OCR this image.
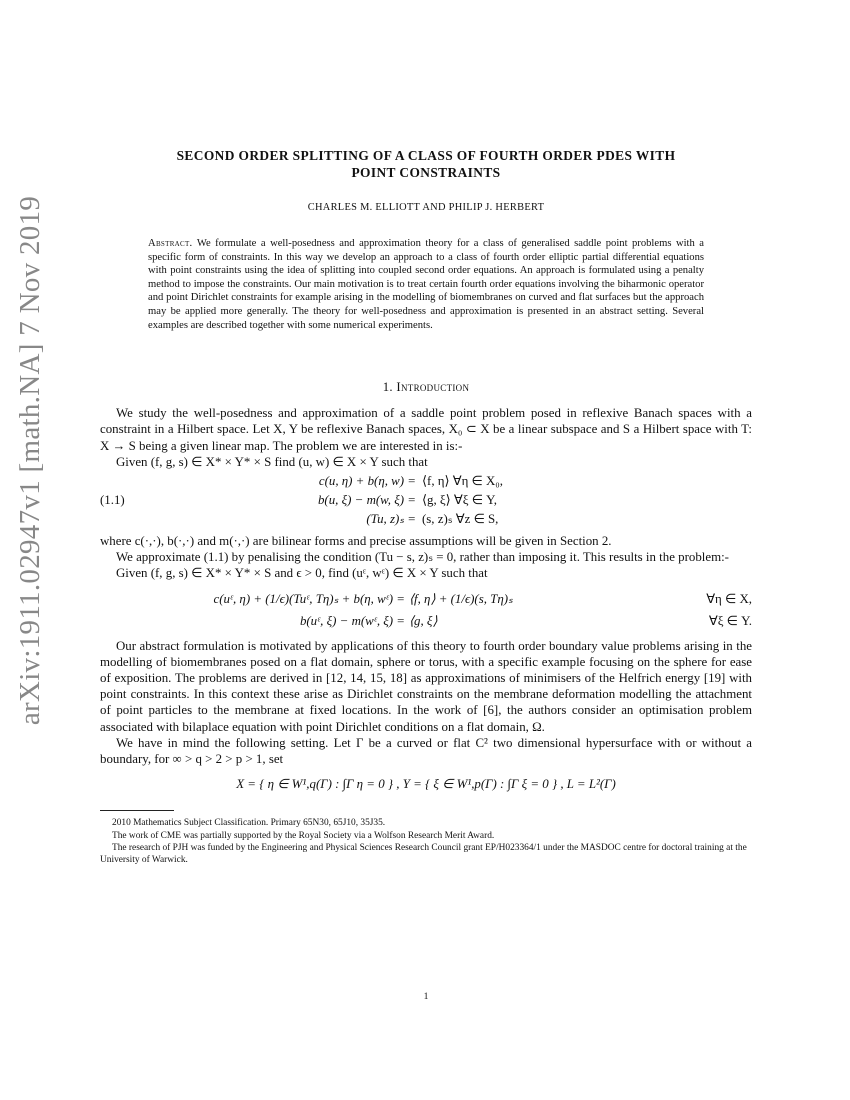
arXiv:1911.02947v1 [math.NA] 7 Nov 2019
SECOND ORDER SPLITTING OF A CLASS OF FOURTH ORDER PDES WITH
POINT CONSTRAINTS
CHARLES M. ELLIOTT AND PHILIP J. HERBERT
Abstract. We formulate a well-posedness and approximation theory for a class of generalised saddle point problems with a specific form of constraints. In this way we develop an approach to a class of fourth order elliptic partial differential equations with point constraints using the idea of splitting into coupled second order equations. An approach is formulated using a penalty method to impose the constraints. Our main motivation is to treat certain fourth order equations involving the biharmonic operator and point Dirichlet constraints for example arising in the modelling of biomembranes on curved and flat surfaces but the approach may be applied more generally. The theory for well-posedness and approximation is presented in an abstract setting. Several examples are described together with some numerical experiments.
1. Introduction

We study the well-posedness and approximation of a saddle point problem posed in reflexive Banach spaces with a constraint in a Hilbert space. Let X, Y be reflexive Banach spaces, X₀ ⊂ X be a linear subspace and S a Hilbert space with T: X → S being a given linear map. The problem we are interested in is:-

Given (f, g, s) ∈ X* × Y* × S find (u, w) ∈ X × Y such that

(1.1)
c(u, η) + b(η, w) = ⟨f, η⟩ ∀η ∈ X₀,
b(u, ξ) − m(w, ξ) = ⟨g, ξ⟩ ∀ξ ∈ Y,
(Tu, z)ₛ = (s, z)ₛ ∀z ∈ S,

where c(·,·), b(·,·) and m(·,·) are bilinear forms and precise assumptions will be given in Section 2.

We approximate (1.1) by penalising the condition (Tu − s, z)ₛ = 0, rather than imposing it. This results in the problem:-

Given (f, g, s) ∈ X* × Y* × S and ϵ > 0, find (uᵋ, wᵋ) ∈ X × Y such that

c(uᵋ, η) + (1/ϵ)(Tuᵋ, Tη)ₛ + b(η, wᵋ) = ⟨f, η⟩ + (1/ϵ)(s, Tη)ₛ	∀η ∈ X,
b(uᵋ, ξ) − m(wᵋ, ξ) = ⟨g, ξ⟩	∀ξ ∈ Y.

Our abstract formulation is motivated by applications of this theory to fourth order boundary value problems arising in the modelling of biomembranes posed on a flat domain, sphere or torus, with a specific example focusing on the sphere for ease of exposition. The problems are derived in [12, 14, 15, 18] as approximations of minimisers of the Helfrich energy [19] with point constraints. In this context these arise as Dirichlet constraints on the membrane deformation modelling the attachment of point particles to the membrane at fixed locations. In the work of [6], the authors consider an optimisation problem associated with bilaplace equation with point Dirichlet conditions on a flat domain, Ω.

We have in mind the following setting. Let Γ be a curved or flat C² two dimensional hypersurface with or without a boundary, for ∞ > q > 2 > p > 1, set

X = { η ∈ W¹,q(Γ) : ∫Γ η = 0 } , Y = { ξ ∈ W¹,p(Γ) : ∫Γ ξ = 0 } , L = L²(Γ)
2010 Mathematics Subject Classification. Primary 65N30, 65J10, 35J35.
The work of CME was partially supported by the Royal Society via a Wolfson Research Merit Award.
The research of PJH was funded by the Engineering and Physical Sciences Research Council grant EP/H023364/1 under the MASDOC centre for doctoral training at the University of Warwick.
1
